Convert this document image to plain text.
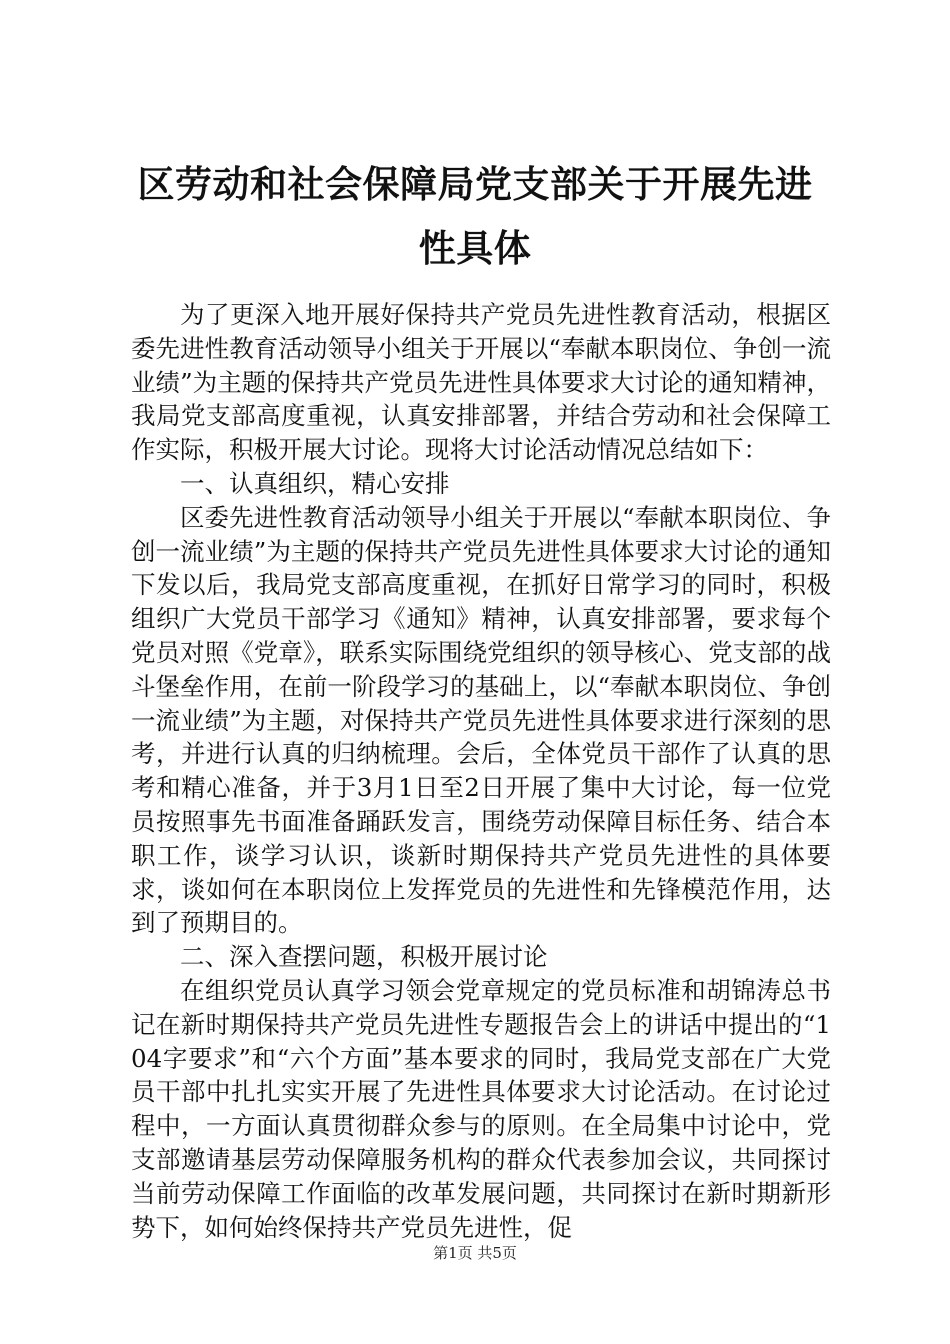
区劳动和社会保障局党支部关于开展先进性具体

为了更深入地开展好保持共产党员先进性教育活动，根据区委先进性教育活动领导小组关于开展以“奉献本职岗位、争创一流业绩”为主题的保持共产党员先进性具体要求大讨论的通知精神，我局党支部高度重视，认真安排部署，并结合劳动和社会保障工作实际，积极开展大讨论。现将大讨论活动情况总结如下：

一、认真组织，精心安排

区委先进性教育活动领导小组关于开展以“奉献本职岗位、争创一流业绩”为主题的保持共产党员先进性具体要求大讨论的通知下发以后，我局党支部高度重视，在抓好日常学习的同时，积极组织广大党员干部学习《通知》精神，认真安排部署，要求每个党员对照《党章》，联系实际围绕党组织的领导核心、党支部的战斗堡垒作用，在前一阶段学习的基础上，以“奉献本职岗位、争创一流业绩”为主题，对保持共产党员先进性具体要求进行深刻的思考，并进行认真的归纳梳理。会后，全体党员干部作了认真的思考和精心准备，并于3月1日至2日开展了集中大讨论，每一位党员按照事先书面准备踊跃发言，围绕劳动保障目标任务、结合本职工作，谈学习认识，谈新时期保持共产党员先进性的具体要求，谈如何在本职岗位上发挥党员的先进性和先锋模范作用，达到了预期目的。

二、深入查摆问题，积极开展讨论

在组织党员认真学习领会党章规定的党员标准和胡锦涛总书记在新时期保持共产党员先进性专题报告会上的讲话中提出的“104字要求”和“六个方面”基本要求的同时，我局党支部在广大党员干部中扎扎实实开展了先进性具体要求大讨论活动。在讨论过程中，一方面认真贯彻群众参与的原则。在全局集中讨论中，党支部邀请基层劳动保障服务机构的群众代表参加会议，共同探讨当前劳动保障工作面临的改革发展问题，共同探讨在新时期新形势下，如何始终保持共产党员先进性，促

第1页 共5页
